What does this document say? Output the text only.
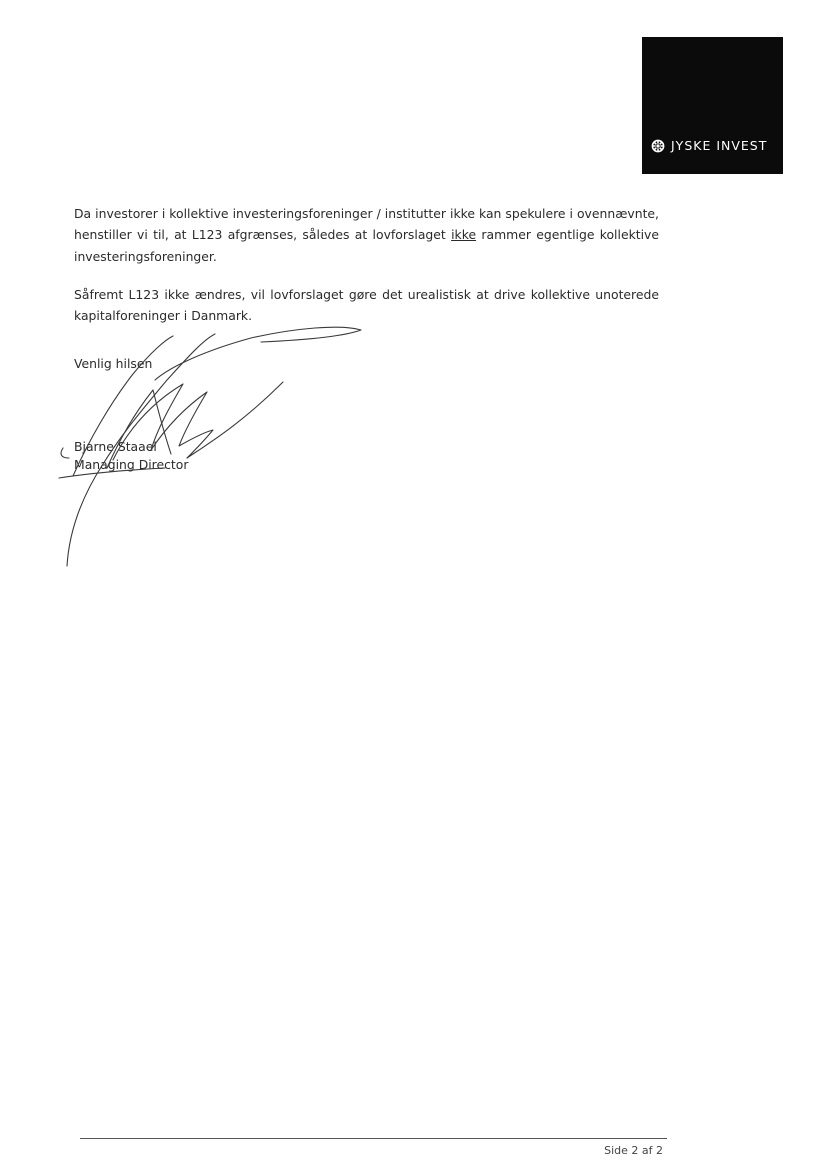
JYSKE INVEST

Da investorer i kollektive investeringsforeninger / institutter ikke kan spekulere i ovennævnte, henstiller vi til, at L123 afgrænses, således at lovforslaget ikke rammer egentlige kollektive investeringsforeninger.

Såfremt L123 ikke ændres, vil lovforslaget gøre det urealistisk at drive kollektive unoterede kapitalforeninger i Danmark.

Venlig hilsen

Bjarne Staael

Managing Director

Side 2 af 2
